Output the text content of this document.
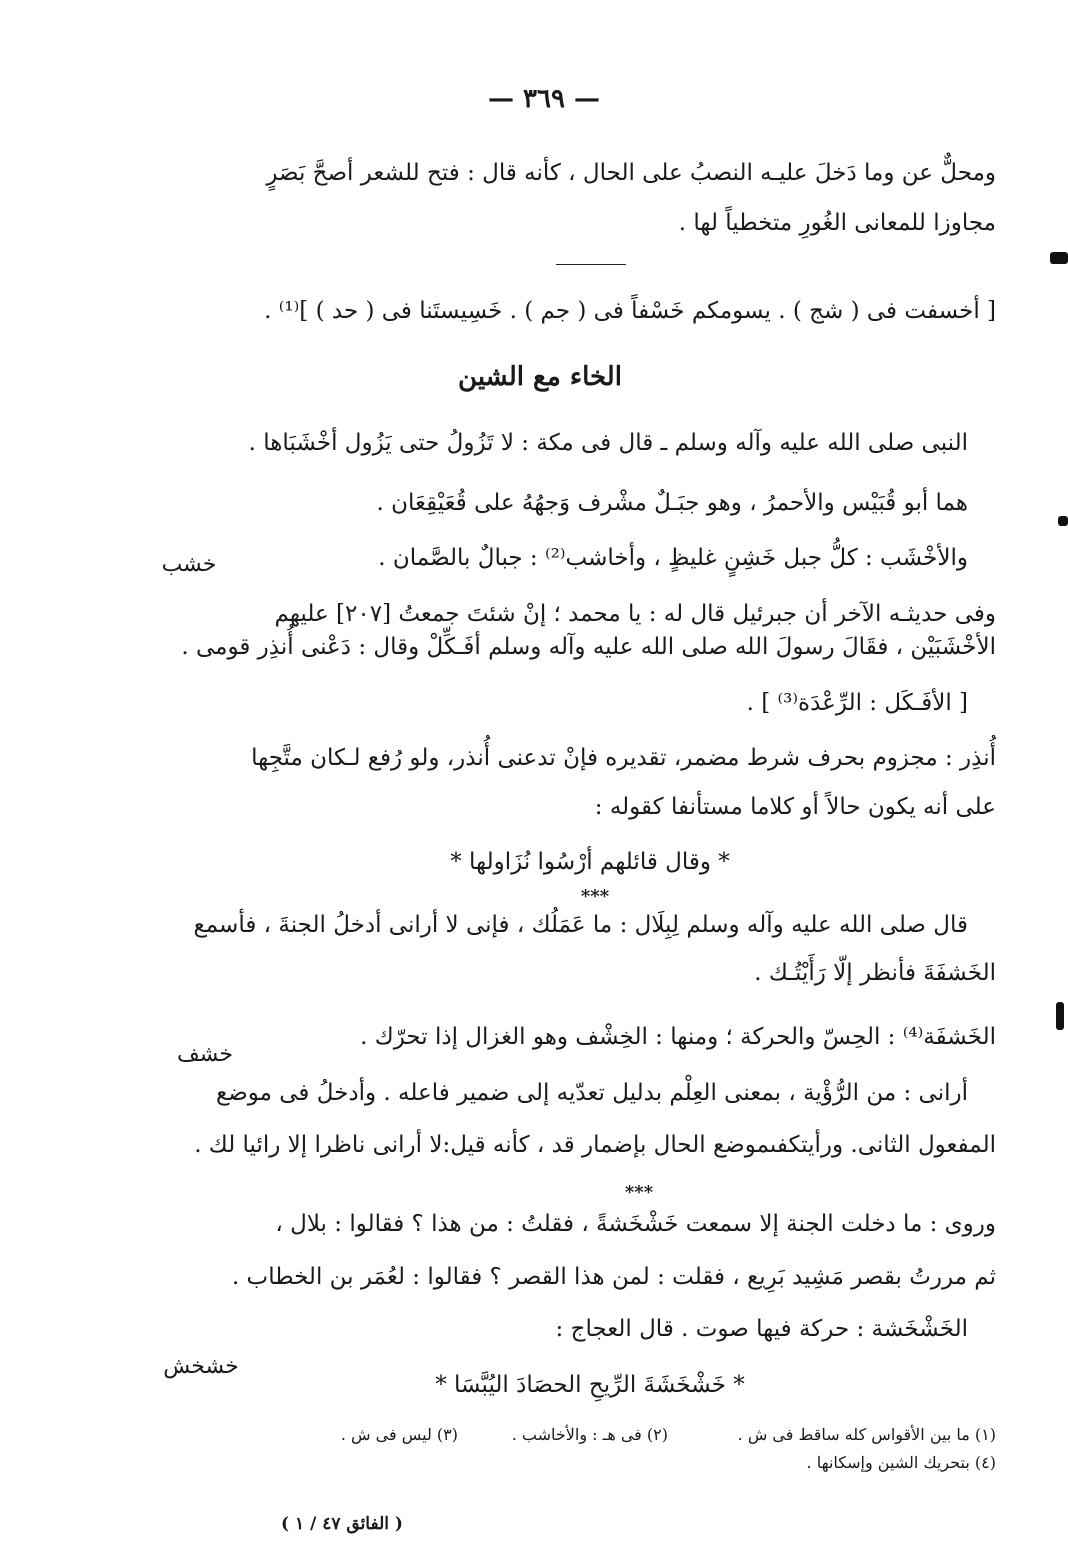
— ٣٦٩ —
ومحلٌّ عن وما دَخلَ عليـه النصبُ على الحال ، كأنه قال : فتح للشعر أصحَّ بَصَرٍ
مجاوزا للمعانى الغُورِ متخطياً لها .
[ أخسفت فى ( شج ) . يسومكم خَسْفاً فى ( جم ) . خَسِيستَنا فى ( حد ) ]⁽¹⁾ .
الخاء مع الشين
النبى صلى الله عليه وآله وسلم ـ قال فى مكة : لا تَزُولُ حتى يَزُول أخْشَبَاها .
هما أبو قُبَيْس والأحمرُ ، وهو جبَـلٌ مشْرف وَجهُهُ على قُعَيْقِعَان .
والأخْشَب : كلُّ جبل خَشِنٍ غليظٍ ، وأخاشب⁽²⁾ : جبالٌ بالصَّمان .
خشب
وفى حديثـه الآخر أن جبرئيل قال له : يا محمد ؛ إنْ شئتَ جمعتُ [٢٠٧] عليهم
الأخْشَبَيْن ، فقَالَ رسولَ الله صلى الله عليه وآله وسلم أفَـكِّلْ وقال : دَعْنى أُنذِر قومى .
[ الأفَـكَل : الرِّعْدَة⁽³⁾ ] .
أُنذِر : مجزوم بحرف شرط مضمر، تقديره فإنْ تدعنى أُنذر، ولو رُفع لـكان متَّجِها
على أنه يكون حالاً أو كلاما مستأنفا كقوله :
* وقال قائلهم أرْسُوا نُزَاولها *
***
قال صلى الله عليه وآله وسلم لِبِلَال : ما عَمَلُك ، فإنى لا أرانى أدخلُ الجنةَ ، فأسمع
الخَشفَةَ فأنظر إلّا رَأَيْتُـك .
الخَشفَة⁽⁴⁾ : الحِسّ والحركة ؛ ومنها : الخِشْف وهو الغزال إذا تحرّك .
خشف
أرانى : من الرُّؤْية ، بمعنى العِلْم بدليل تعدّيه إلى ضمير فاعله . وأدخلُ فى موضع
المفعول الثانى. ورأيتكفىموضع الحال بإضمار قد ، كأنه قيل:لا أرانى ناظرا إلا رائيا لك .
***
وروى : ما دخلت الجنة إلا سمعت خَشْخَشةً ، فقلتُ : من هذا ؟ فقالوا : بلال ،
ثم مررتُ بقصر مَشِيد بَرِيع ، فقلت : لمن هذا القصر ؟ فقالوا : لعُمَر بن الخطاب .
الخَشْخَشة : حركة فيها صوت . قال العجاج :
خشخش
* خَشْخَشَةَ الرِّيحِ الحصَادَ اليُبَّسَا *
(١) ما بين الأقواس كله ساقط فى ش .
(٢) فى هـ : والأخاشب .
(٣) ليس فى ش .
(٤) بتحريك الشين وإسكانها .
( الفائق ٤٧ / ١ )
